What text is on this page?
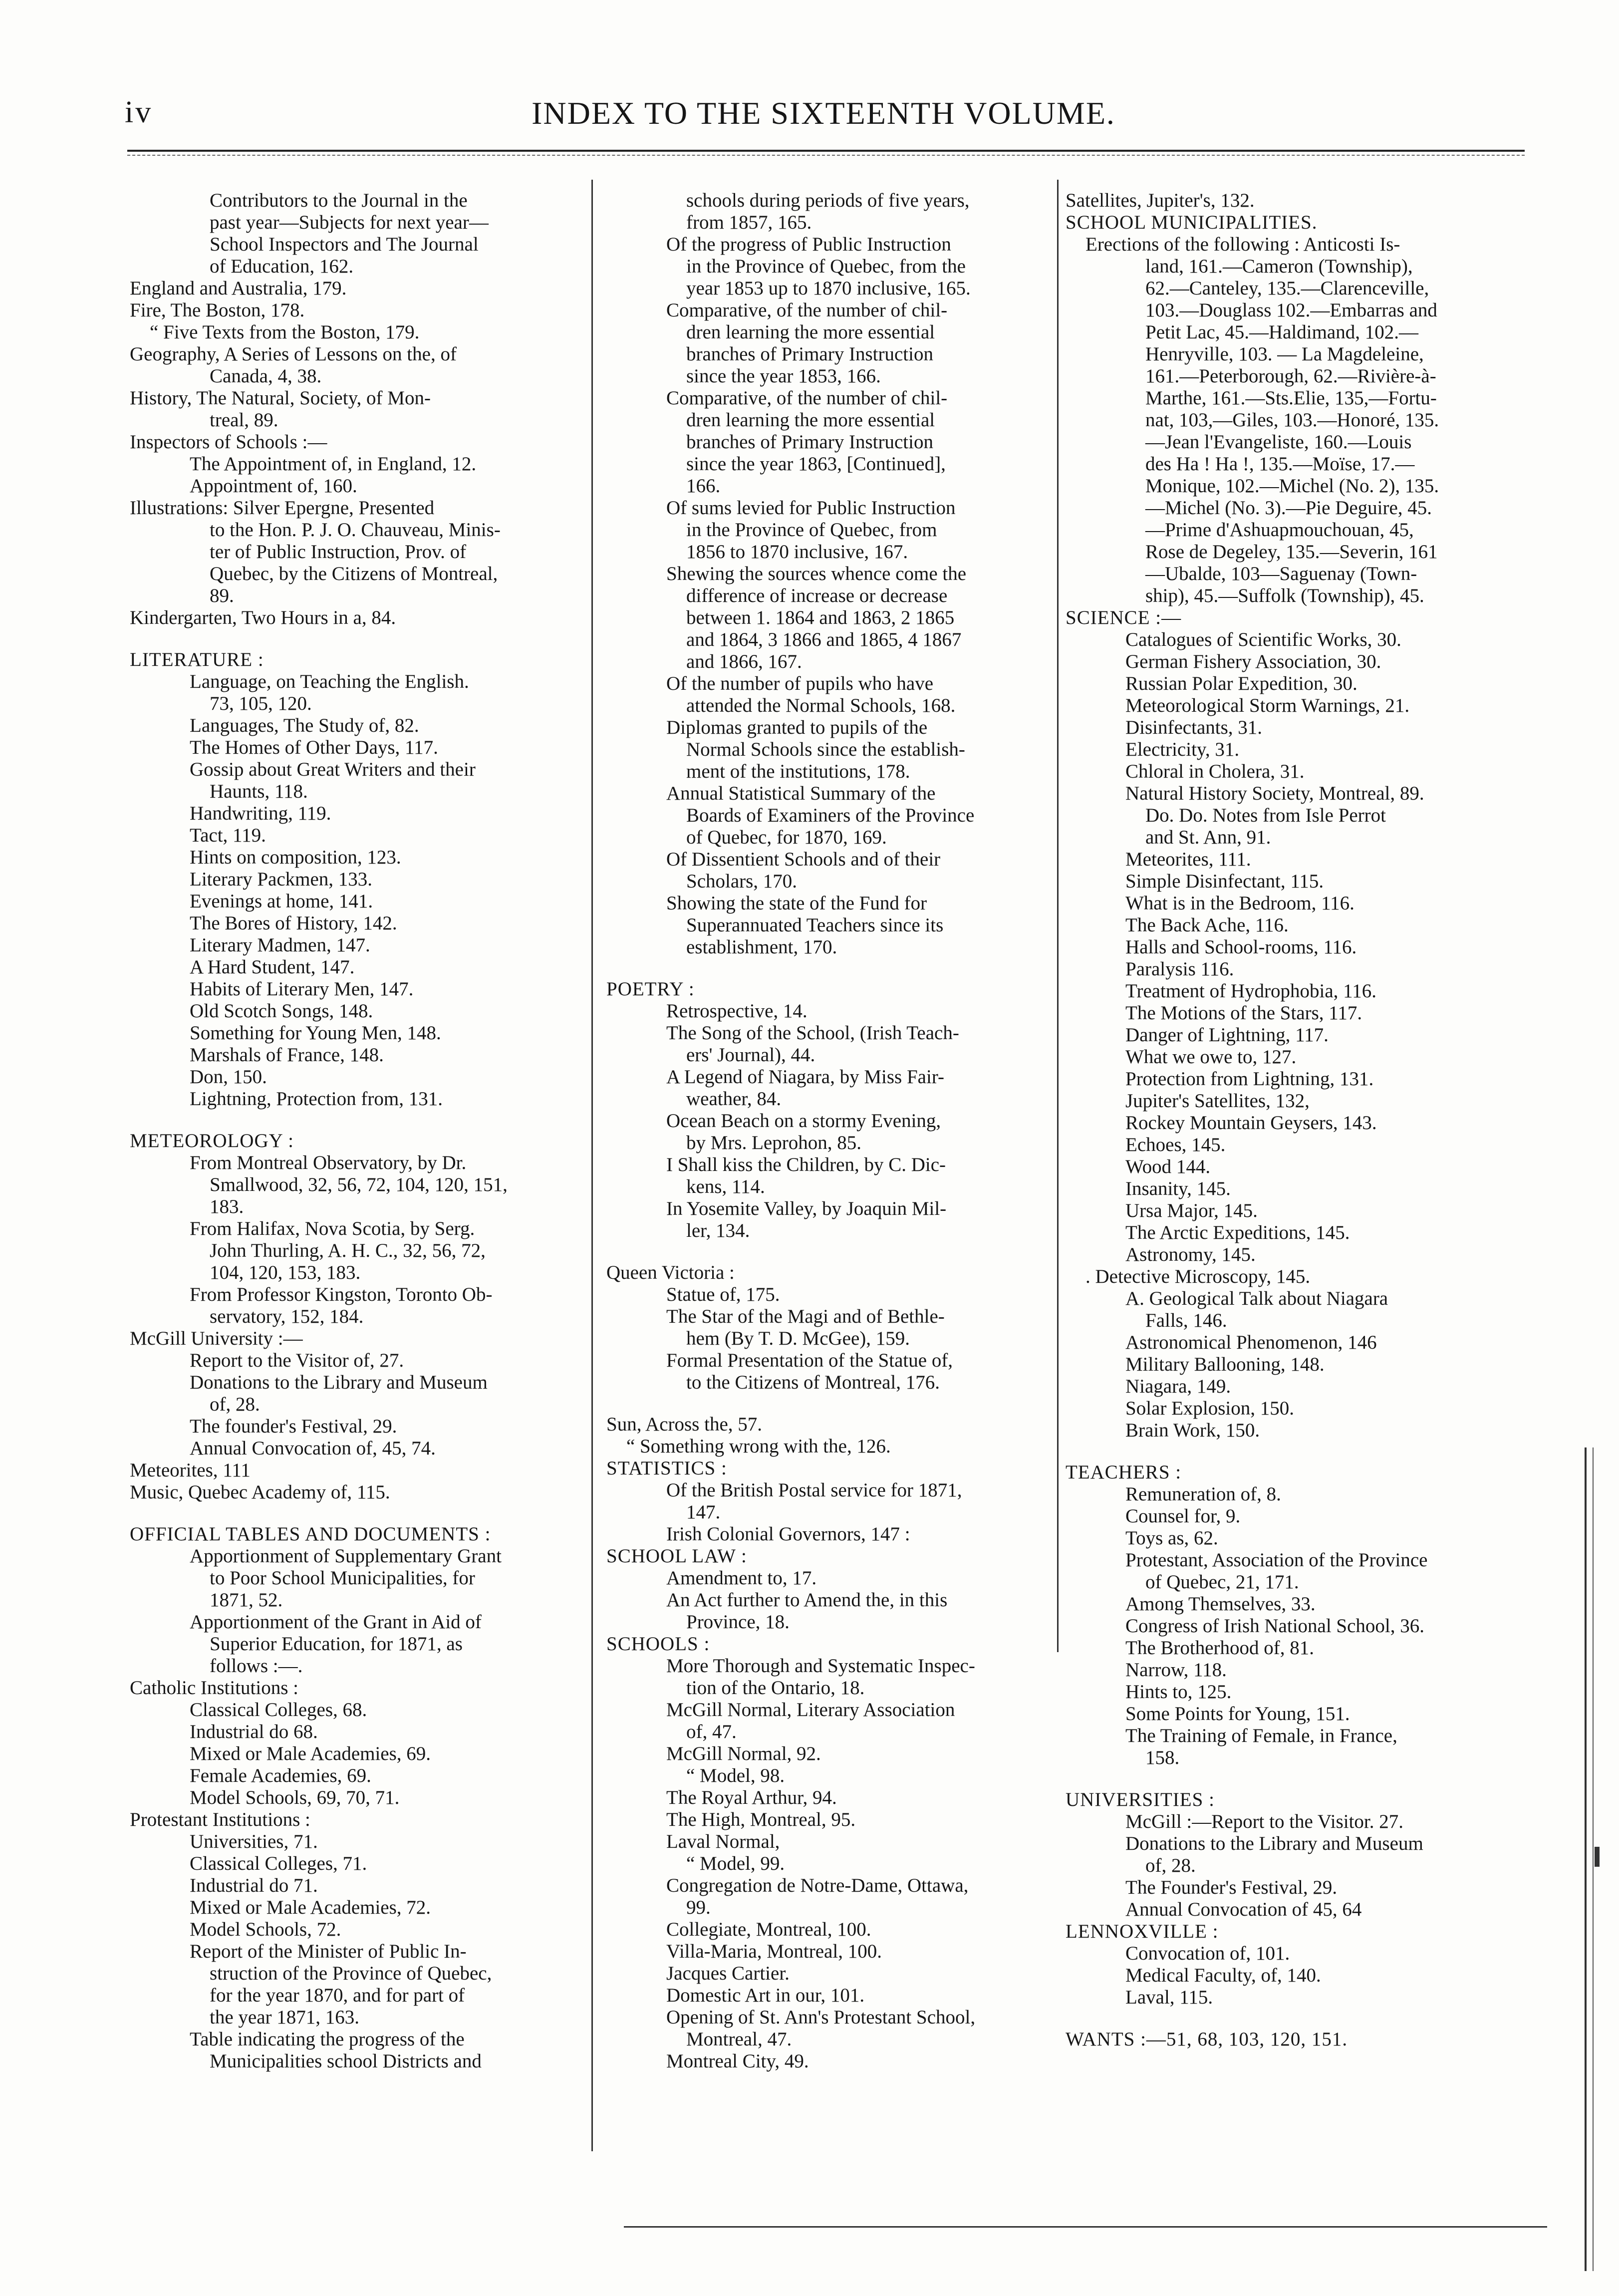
iv	INDEX TO THE SIXTEENTH VOLUME.
Contributors to the Journal in the
past year—Subjects for next year—
School Inspectors and The Journal
of Education, 162.
England and Australia, 179.
Fire, The Boston, 178.
“ Five Texts from the Boston, 179.
Geography, A Series of Lessons on the, of
Canada, 4, 38.
History, The Natural, Society, of Mon-
treal, 89.
Inspectors of Schools :—
The Appointment of, in England, 12.
Appointment of, 160.
Illustrations: Silver Epergne, Presented
to the Hon. P. J. O. Chauveau, Minis-
ter of Public Instruction, Prov. of
Quebec, by the Citizens of Montreal,
89.
Kindergarten, Two Hours in a, 84.
LITERATURE :
Language, on Teaching the English.
73, 105, 120.
Languages, The Study of, 82.
The Homes of Other Days, 117.
Gossip about Great Writers and their
Haunts, 118.
Handwriting, 119.
Tact, 119.
Hints on composition, 123.
Literary Packmen, 133.
Evenings at home, 141.
The Bores of History, 142.
Literary Madmen, 147.
A Hard Student, 147.
Habits of Literary Men, 147.
Old Scotch Songs, 148.
Something for Young Men, 148.
Marshals of France, 148.
Don, 150.
Lightning, Protection from, 131.
METEOROLOGY :
From Montreal Observatory, by Dr.
Smallwood, 32, 56, 72, 104, 120, 151,
183.
From Halifax, Nova Scotia, by Serg.
John Thurling, A. H. C., 32, 56, 72,
104, 120, 153, 183.
From Professor Kingston, Toronto Ob-
servatory, 152, 184.
McGill University :—
Report to the Visitor of, 27.
Donations to the Library and Museum
of, 28.
The founder's Festival, 29.
Annual Convocation of, 45, 74.
Meteorites, 111
Music, Quebec Academy of, 115.
OFFICIAL TABLES AND DOCUMENTS :
Apportionment of Supplementary Grant
to Poor School Municipalities, for
1871, 52.
Apportionment of the Grant in Aid of
Superior Education, for 1871, as
follows :—.
Catholic Institutions :
Classical Colleges, 68.
Industrial do 68.
Mixed or Male Academies, 69.
Female Academies, 69.
Model Schools, 69, 70, 71.
Protestant Institutions :
Universities, 71.
Classical Colleges, 71.
Industrial do 71.
Mixed or Male Academies, 72.
Model Schools, 72.
Report of the Minister of Public In-
struction of the Province of Quebec,
for the year 1870, and for part of
the year 1871, 163.
Table indicating the progress of the
Municipalities school Districts and
schools during periods of five years,
from 1857, 165.
Of the progress of Public Instruction
in the Province of Quebec, from the
year 1853 up to 1870 inclusive, 165.
Comparative, of the number of chil-
dren learning the more essential
branches of Primary Instruction
since the year 1853, 166.
Comparative, of the number of chil-
dren learning the more essential
branches of Primary Instruction
since the year 1863, [Continued],
166.
Of sums levied for Public Instruction
in the Province of Quebec, from
1856 to 1870 inclusive, 167.
Shewing the sources whence come the
difference of increase or decrease
between 1. 1864 and 1863, 2 1865
and 1864, 3 1866 and 1865, 4 1867
and 1866, 167.
Of the number of pupils who have
attended the Normal Schools, 168.
Diplomas granted to pupils of the
Normal Schools since the establish-
ment of the institutions, 178.
Annual Statistical Summary of the
Boards of Examiners of the Province
of Quebec, for 1870, 169.
Of Dissentient Schools and of their
Scholars, 170.
Showing the state of the Fund for
Superannuated Teachers since its
establishment, 170.
POETRY :
Retrospective, 14.
The Song of the School, (Irish Teach-
ers' Journal), 44.
A Legend of Niagara, by Miss Fair-
weather, 84.
Ocean Beach on a stormy Evening,
by Mrs. Leprohon, 85.
I Shall kiss the Children, by C. Dic-
kens, 114.
In Yosemite Valley, by Joaquin Mil-
ler, 134.
Queen Victoria :
Statue of, 175.
The Star of the Magi and of Bethle-
hem (By T. D. McGee), 159.
Formal Presentation of the Statue of,
to the Citizens of Montreal, 176.
Sun, Across the, 57.
“ Something wrong with the, 126.
STATISTICS :
Of the British Postal service for 1871,
147.
Irish Colonial Governors, 147 :
SCHOOL LAW :
Amendment to, 17.
An Act further to Amend the, in this
Province, 18.
SCHOOLS :
More Thorough and Systematic Inspec-
tion of the Ontario, 18.
McGill Normal, Literary Association
of, 47.
McGill Normal, 92.
“ Model, 98.
The Royal Arthur, 94.
The High, Montreal, 95.
Laval Normal,
“ Model, 99.
Congregation de Notre-Dame, Ottawa,
99.
Collegiate, Montreal, 100.
Villa-Maria, Montreal, 100.
Jacques Cartier.
Domestic Art in our, 101.
Opening of St. Ann's Protestant School,
Montreal, 47.
Montreal City, 49.
Satellites, Jupiter's, 132.
SCHOOL MUNICIPALITIES.
Erections of the following : Anticosti Is-
land, 161.—Cameron (Township),
62.—Canteley, 135.—Clarenceville,
103.—Douglass 102.—Embarras and
Petit Lac, 45.—Haldimand, 102.—
Henryville, 103. — La Magdeleine,
161.—Peterborough, 62.—Rivière-à-
Marthe, 161.—Sts.Elie, 135,—Fortu-
nat, 103,—Giles, 103.—Honoré, 135.
—Jean l'Evangeliste, 160.—Louis
des Ha ! Ha !, 135.—Moïse, 17.—
Monique, 102.—Michel (No. 2), 135.
—Michel (No. 3).—Pie Deguire, 45.
—Prime d'Ashuapmouchouan, 45,
Rose de Degeley, 135.—Severin, 161
—Ubalde, 103—Saguenay (Town-
ship), 45.—Suffolk (Township), 45.
SCIENCE :—
Catalogues of Scientific Works, 30.
German Fishery Association, 30.
Russian Polar Expedition, 30.
Meteorological Storm Warnings, 21.
Disinfectants, 31.
Electricity, 31.
Chloral in Cholera, 31.
Natural History Society, Montreal, 89.
Do. Do. Notes from Isle Perrot
and St. Ann, 91.
Meteorites, 111.
Simple Disinfectant, 115.
What is in the Bedroom, 116.
The Back Ache, 116.
Halls and School-rooms, 116.
Paralysis 116.
Treatment of Hydrophobia, 116.
The Motions of the Stars, 117.
Danger of Lightning, 117.
What we owe to, 127.
Protection from Lightning, 131.
Jupiter's Satellites, 132,
Rockey Mountain Geysers, 143.
Echoes, 145.
Wood 144.
Insanity, 145.
Ursa Major, 145.
The Arctic Expeditions, 145.
Astronomy, 145.
. Detective Microscopy, 145.
A. Geological Talk about Niagara
Falls, 146.
Astronomical Phenomenon, 146
Military Ballooning, 148.
Niagara, 149.
Solar Explosion, 150.
Brain Work, 150.
TEACHERS :
Remuneration of, 8.
Counsel for, 9.
Toys as, 62.
Protestant, Association of the Province
of Quebec, 21, 171.
Among Themselves, 33.
Congress of Irish National School, 36.
The Brotherhood of, 81.
Narrow, 118.
Hints to, 125.
Some Points for Young, 151.
The Training of Female, in France,
158.
UNIVERSITIES :
McGill :—Report to the Visitor. 27.
Donations to the Library and Museum
of, 28.
The Founder's Festival, 29.
Annual Convocation of 45, 64
LENNOXVILLE :
Convocation of, 101.
Medical Faculty, of, 140.
Laval, 115.
WANTS :—51, 68, 103, 120, 151.
